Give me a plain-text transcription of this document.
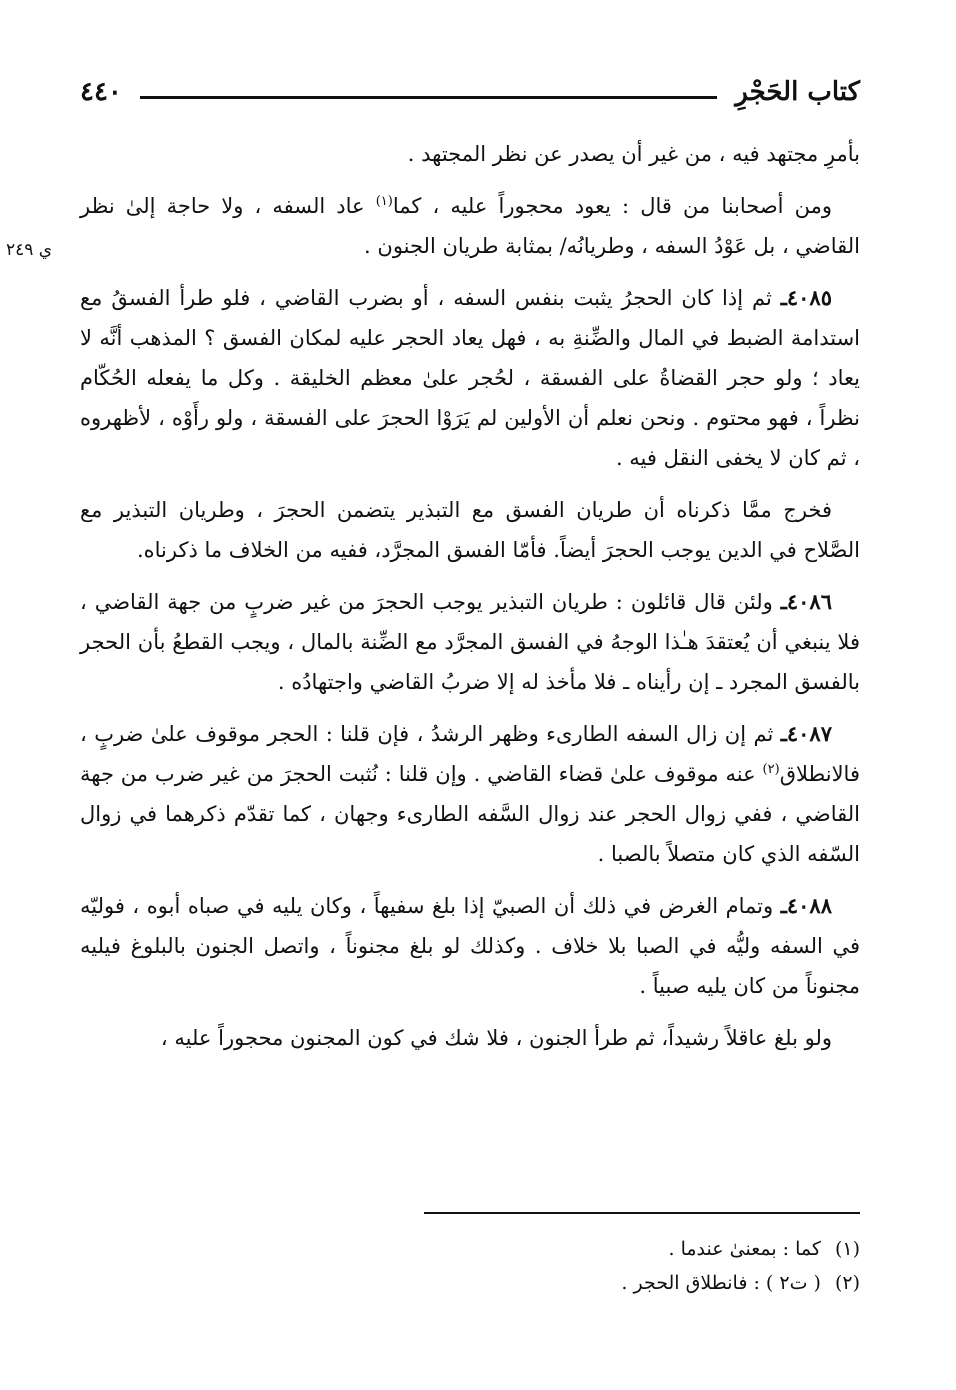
كتاب الحَجْرِ
٤٤٠

بأمرِ مجتهد فيه ، من غير أن يصدر عن نظر المجتهد .

ومن أصحابنا من قال : يعود محجوراً عليه ، كما$^{(١)}$ عاد السفه ، ولا حاجة إلىٰ نظر القاضي ، بل عَوْدُ السفه ، وطريانُه/ بمثابة طريان الجنون .
ي ٢٤٩

٤٠٨٥ـ ثم إذا كان الحجرُ يثبت بنفس السفه ، أو بضرب القاضي ، فلو طرأ الفسقُ مع استدامة الضبط في المال والضِّنةِ به ، فهل يعاد الحجر عليه لمكان الفسق ؟ المذهب أنَّه لا يعاد ؛ ولو حجر القضاةُ على الفسقة ، لحُجر علىٰ معظم الخليقة . وكل ما يفعله الحُكّام نظراً ، فهو محتوم . ونحن نعلم أن الأولين لم يَرَوْا الحجرَ على الفسقة ، ولو رأَوْه ، لأظهروه ، ثم كان لا يخفى النقل فيه .

فخرج ممَّا ذكرناه أن طريان الفسق مع التبذير يتضمن الحجرَ ، وطريان التبذير مع الصَّلاح في الدين يوجب الحجرَ أيضاً. فأمّا الفسق المجرَّد، ففيه من الخلاف ما ذكرناه.

٤٠٨٦ـ ولئن قال قائلون : طريان التبذير يوجب الحجرَ من غير ضربٍ من جهة القاضي ، فلا ينبغي أن يُعتقدَ هـٰذا الوجهُ في الفسق المجرَّد مع الضِّنة بالمال ، ويجب القطعُ بأن الحجر بالفسق المجرد ـ إن رأيناه ـ فلا مأخذ له إلا ضربُ القاضي واجتهادُه .

٤٠٨٧ـ ثم إن زال السفه الطارىء وظهر الرشدُ ، فإن قلنا : الحجر موقوف علىٰ ضربٍ ، فالانطلاق$^{(٢)}$ عنه موقوف علىٰ قضاء القاضي . وإن قلنا : نُثبت الحجرَ من غير ضرب من جهة القاضي ، ففي زوال الحجر عند زوال السَّفه الطارىء وجهان ، كما تقدّم ذكرهما في زوال السّفه الذي كان متصلاً بالصبا .

٤٠٨٨ـ وتمام الغرض في ذلك أن الصبيّ إذا بلغ سفيهاً ، وكان يليه في صباه أبوه ، فوليّه في السفه وليُّه في الصبا بلا خلاف . وكذلك لو بلغ مجنوناً ، واتصل الجنون بالبلوغ فيليه مجنوناً من كان يليه صبياً .

ولو بلغ عاقلاً رشيداً، ثم طرأ الجنون ، فلا شك في كون المجنون محجوراً عليه ،

(١)
كما : بمعنىٰ عندما .
(٢)
( ت٢ ) : فانطلاق الحجر .
